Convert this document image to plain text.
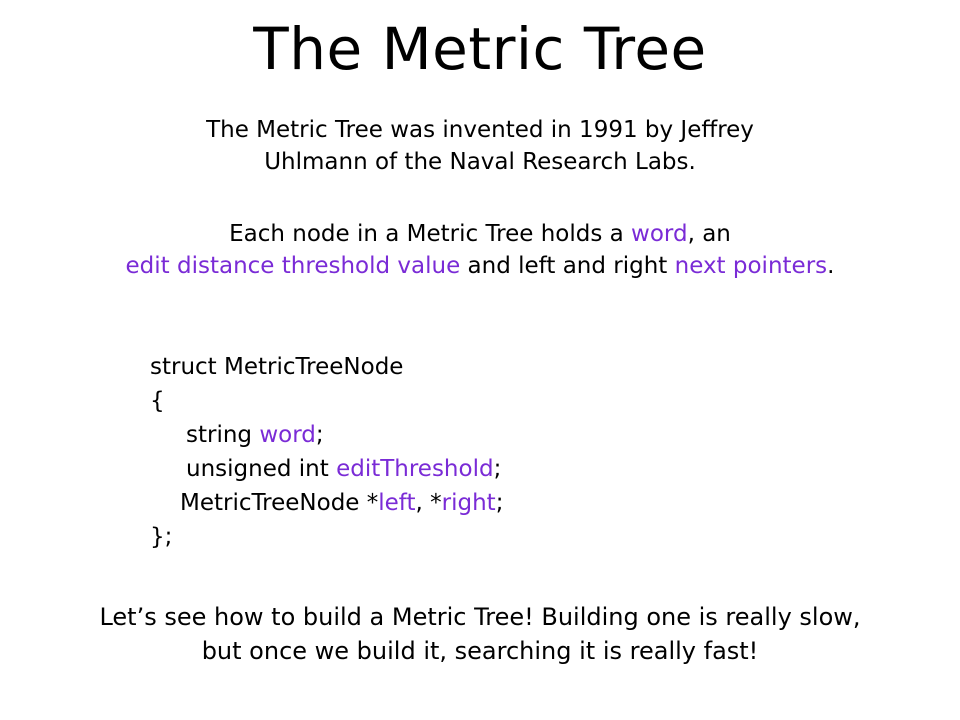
The Metric Tree
The Metric Tree was invented in 1991 by Jeffrey
Uhlmann of the Naval Research Labs.
Each node in a Metric Tree holds a word, an
edit distance threshold value and left and right next pointers.
struct MetricTreeNode
{
string word;
unsigned int editThreshold;
MetricTreeNode *left, *right;
};
Let’s see how to build a Metric Tree! Building one is really slow,
but once we build it, searching it is really fast!
